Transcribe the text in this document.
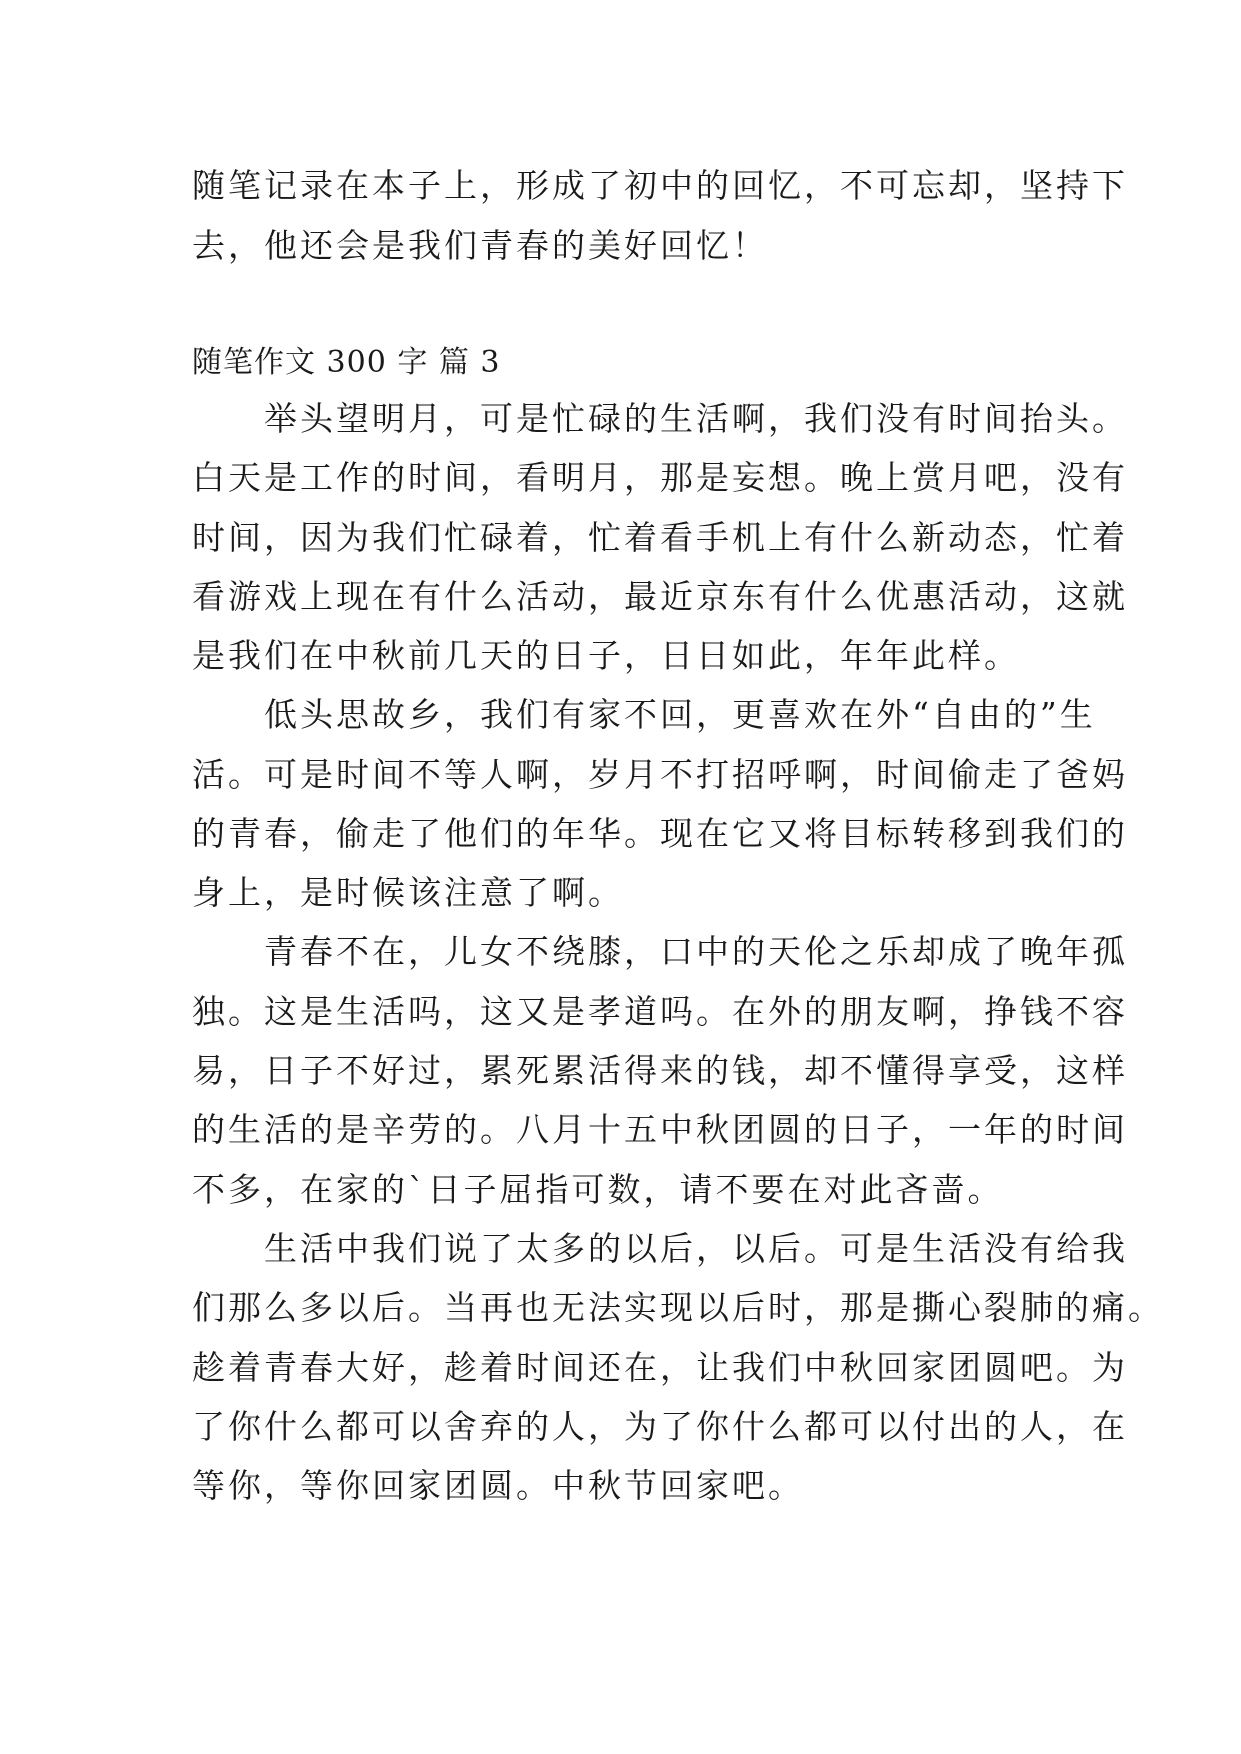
随笔记录在本子上，形成了初中的回忆，不可忘却，坚持下
去，他还会是我们青春的美好回忆！
随笔作文 300 字 篇 3
　　举头望明月，可是忙碌的生活啊，我们没有时间抬头。
白天是工作的时间，看明月，那是妄想。晚上赏月吧，没有
时间，因为我们忙碌着，忙着看手机上有什么新动态，忙着
看游戏上现在有什么活动，最近京东有什么优惠活动，这就
是我们在中秋前几天的日子，日日如此，年年此样。
　　低头思故乡，我们有家不回，更喜欢在外“自由的”生
活。可是时间不等人啊，岁月不打招呼啊，时间偷走了爸妈
的青春，偷走了他们的年华。现在它又将目标转移到我们的
身上，是时候该注意了啊。
　　青春不在，儿女不绕膝，口中的天伦之乐却成了晚年孤
独。这是生活吗，这又是孝道吗。在外的朋友啊，挣钱不容
易，日子不好过，累死累活得来的钱，却不懂得享受，这样
的生活的是辛劳的。八月十五中秋团圆的日子，一年的时间
不多，在家的`日子屈指可数，请不要在对此吝啬。
　　生活中我们说了太多的以后，以后。可是生活没有给我
们那么多以后。当再也无法实现以后时，那是撕心裂肺的痛。
趁着青春大好，趁着时间还在，让我们中秋回家团圆吧。为
了你什么都可以舍弃的人，为了你什么都可以付出的人，在
等你，等你回家团圆。中秋节回家吧。
